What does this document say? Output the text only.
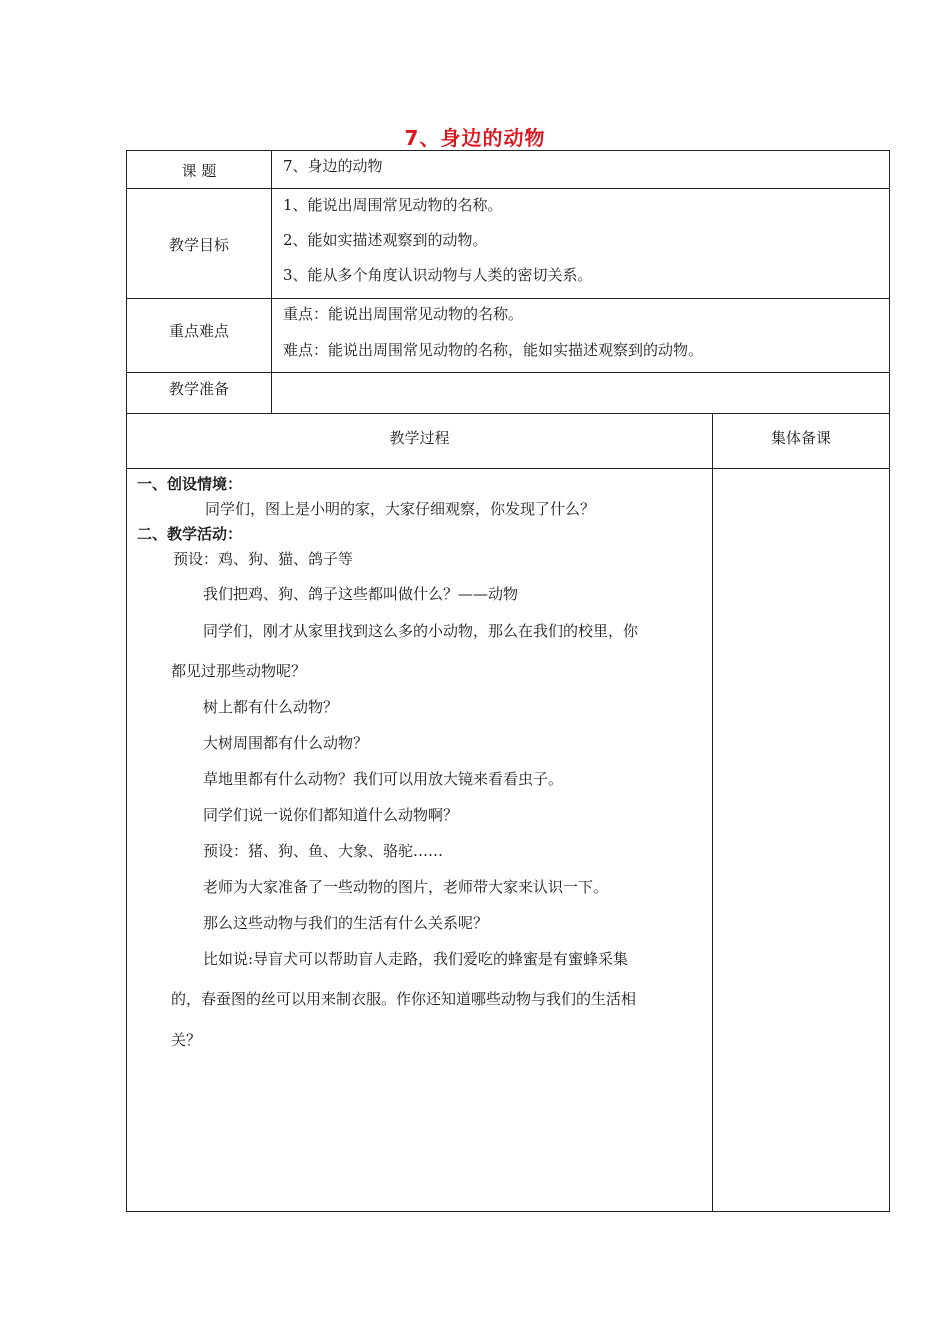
7、身边的动物
课 题	7、身边的动物
教学目标
1、能说出周围常见动物的名称。
2、能如实描述观察到的动物。
3、能从多个角度认识动物与人类的密切关系。
重点难点
重点：能说出周围常见动物的名称。
难点：能说出周围常见动物的名称，能如实描述观察到的动物。
教学准备
教学过程	集体备课
一、创设情境：
同学们，图上是小明的家，大家仔细观察，你发现了什么？
二、教学活动：
预设：鸡、狗、猫、鸽子等
我们把鸡、狗、鸽子这些都叫做什么？——动物
同学们，刚才从家里找到这么多的小动物，那么在我们的校里，你
都见过那些动物呢？
树上都有什么动物？
大树周围都有什么动物？
草地里都有什么动物？我们可以用放大镜来看看虫子。
同学们说一说你们都知道什么动物啊？
预设：猪、狗、鱼、大象、骆驼……
老师为大家准备了一些动物的图片，老师带大家来认识一下。
那么这些动物与我们的生活有什么关系呢？
比如说:导盲犬可以帮助盲人走路，我们爱吃的蜂蜜是有蜜蜂采集
的，春蚕图的丝可以用来制衣服。作你还知道哪些动物与我们的生活相
关？
